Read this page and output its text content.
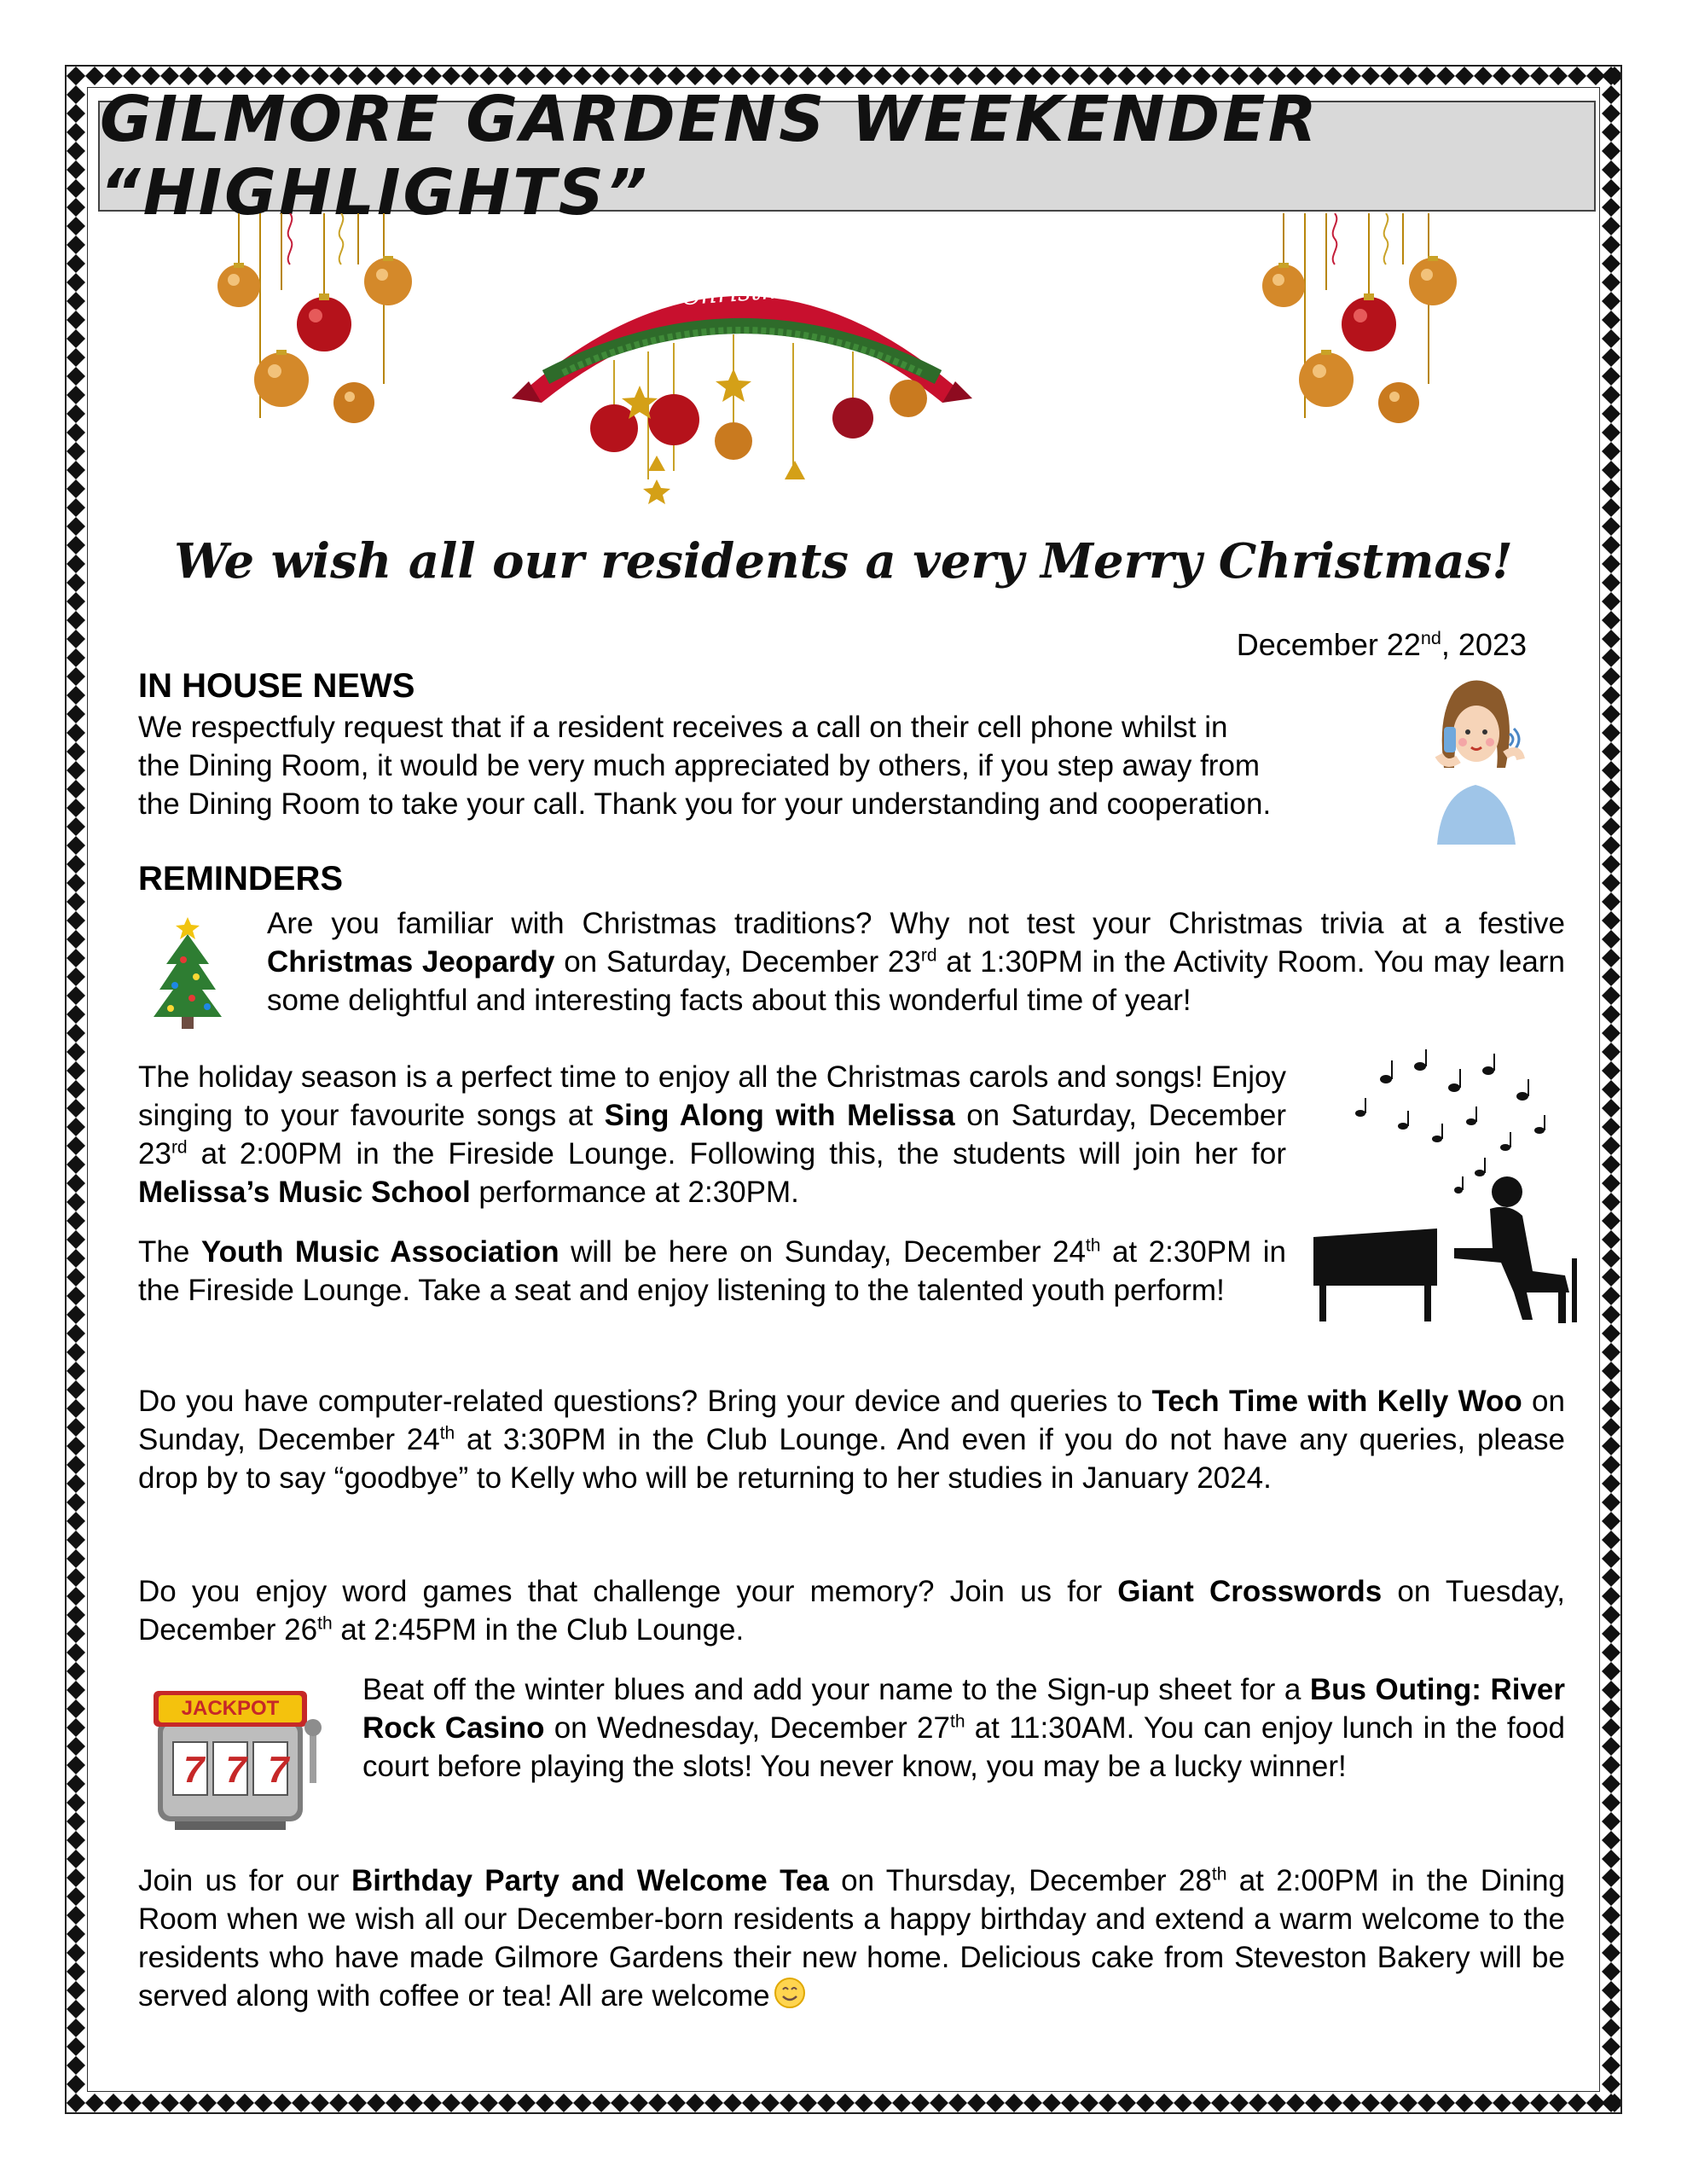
GILMORE GARDENS WEEKENDER “HIGHLIGHTS”
Merry Christmas
We wish all our residents a very Merry Christmas!
December 22nd, 2023
IN HOUSE NEWS
We respectfuly request that if a resident receives a call on their cell phone whilst in
the Dining Room, it would be very much appreciated by others, if you step away from
the Dining Room to take your call. Thank you for your understanding and cooperation.
REMINDERS
Are you familiar with Christmas traditions? Why not test your Christmas trivia at a festive Christmas Jeopardy on Saturday, December 23rd at 1:30PM in the Activity Room. You may learn some delightful and interesting facts about this wonderful time of year!
The holiday season is a perfect time to enjoy all the Christmas carols and songs! Enjoy singing to your favourite songs at Sing Along with Melissa on Saturday, December 23rd at 2:00PM in the Fireside Lounge. Following this, the students will join her for Melissa’s Music School performance at 2:30PM.
The Youth Music Association will be here on Sunday, December 24th at 2:30PM in the Fireside Lounge. Take a seat and enjoy listening to the talented youth perform!
Do you have computer-related questions? Bring your device and queries to Tech Time with Kelly Woo on Sunday, December 24th at 3:30PM in the Club Lounge. And even if you do not have any queries, please drop by to say “goodbye” to Kelly who will be returning to her studies in January 2024.
Do you enjoy word games that challenge your memory? Join us for Giant Crosswords on Tuesday, December 26th at 2:45PM in the Club Lounge.
JACKPOT
777
Beat off the winter blues and add your name to the Sign-up sheet for a Bus Outing: River Rock Casino on Wednesday, December 27th at 11:30AM. You can enjoy lunch in the food court before playing the slots! You never know, you may be a lucky winner!
Join us for our Birthday Party and Welcome Tea on Thursday, December 28th at 2:00PM in the Dining Room when we wish all our December-born residents a happy birthday and extend a warm welcome to the residents who have made Gilmore Gardens their new home. Delicious cake from Steveston Bakery will be served along with coffee or tea! All are welcome
